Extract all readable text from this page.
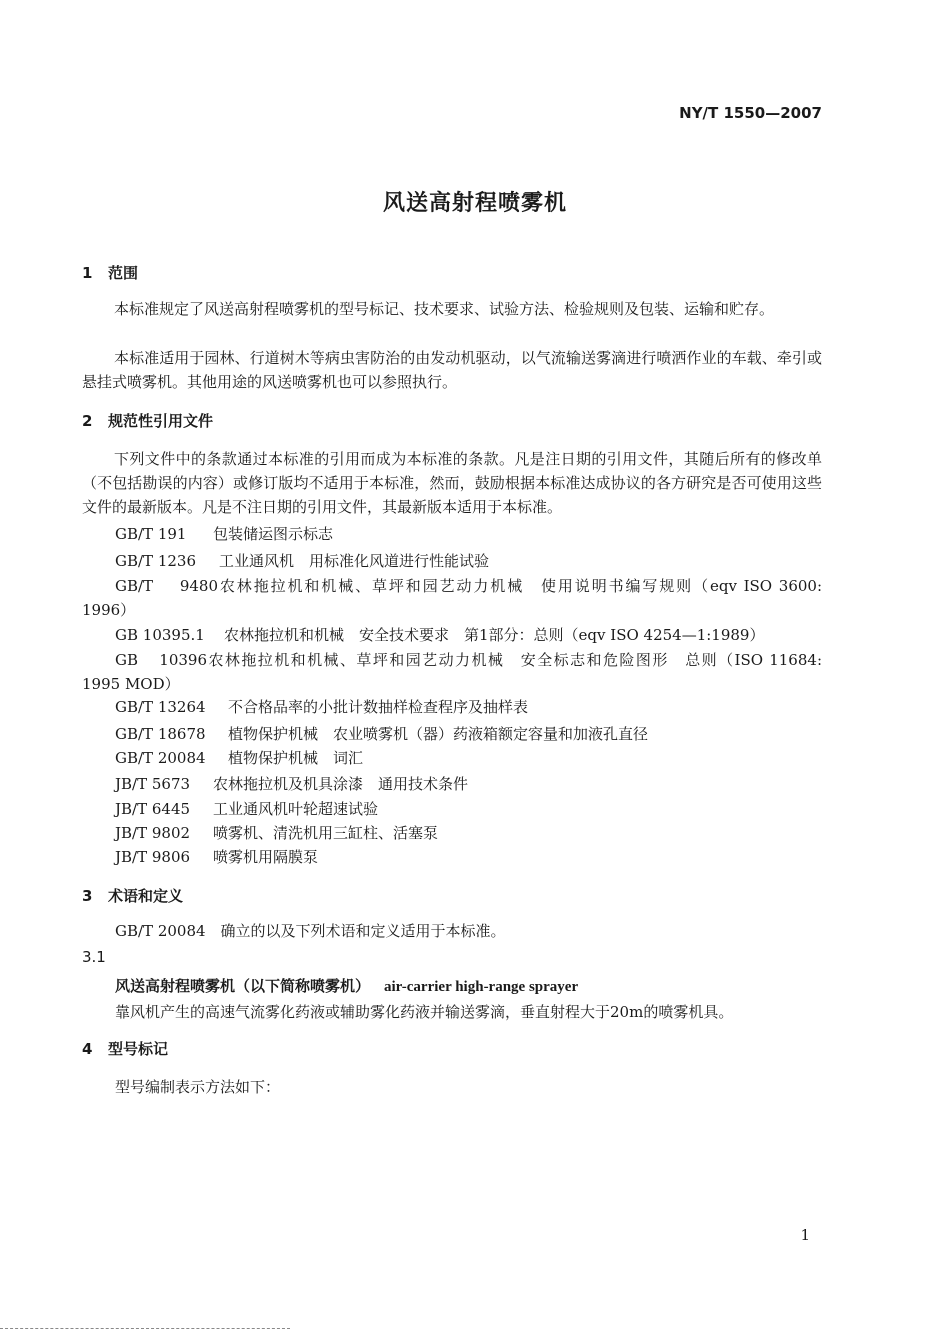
NY/T 1550—2007
风送高射程喷雾机
1 范围
本标准规定了风送高射程喷雾机的型号标记、技术要求、试验方法、检验规则及包装、运输和贮存。
本标准适用于园林、行道树木等病虫害防治的由发动机驱动，以气流输送雾滴进行喷洒作业的车载、牵引或悬挂式喷雾机。其他用途的风送喷雾机也可以参照执行。
2 规范性引用文件
下列文件中的条款通过本标准的引用而成为本标准的条款。凡是注日期的引用文件，其随后所有的修改单（不包括勘误的内容）或修订版均不适用于本标准，然而，鼓励根据本标准达成协议的各方研究是否可使用这些文件的最新版本。凡是不注日期的引用文件，其最新版本适用于本标准。
GB/T 191 包装储运图示标志
GB/T 1236 工业通风机　用标准化风道进行性能试验
GB/T 9480农林拖拉机和机械、草坪和园艺动力机械　使用说明书编写规则（eqv ISO 3600:
1996）
GB 10395.1 农林拖拉机和机械　安全技术要求　第1部分：总则（eqv ISO 4254—1:1989）
GB 10396农林拖拉机和机械、草坪和园艺动力机械　安全标志和危险图形　总则（ISO 11684:
1995 MOD）
GB/T 13264 不合格品率的小批计数抽样检查程序及抽样表
GB/T 18678 植物保护机械　农业喷雾机（器）药液箱额定容量和加液孔直径
GB/T 20084 植物保护机械　词汇
JB/T 5673 农林拖拉机及机具涂漆　通用技术条件
JB/T 6445 工业通风机叶轮超速试验
JB/T 9802 喷雾机、清洗机用三缸柱、活塞泵
JB/T 9806 喷雾机用隔膜泵
3 术语和定义
GB/T 20084　确立的以及下列术语和定义适用于本标准。
3.1
风送高射程喷雾机（以下简称喷雾机） air-carrier high-range sprayer
靠风机产生的高速气流雾化药液或辅助雾化药液并输送雾滴，垂直射程大于20m的喷雾机具。
4 型号标记
型号编制表示方法如下：
1
